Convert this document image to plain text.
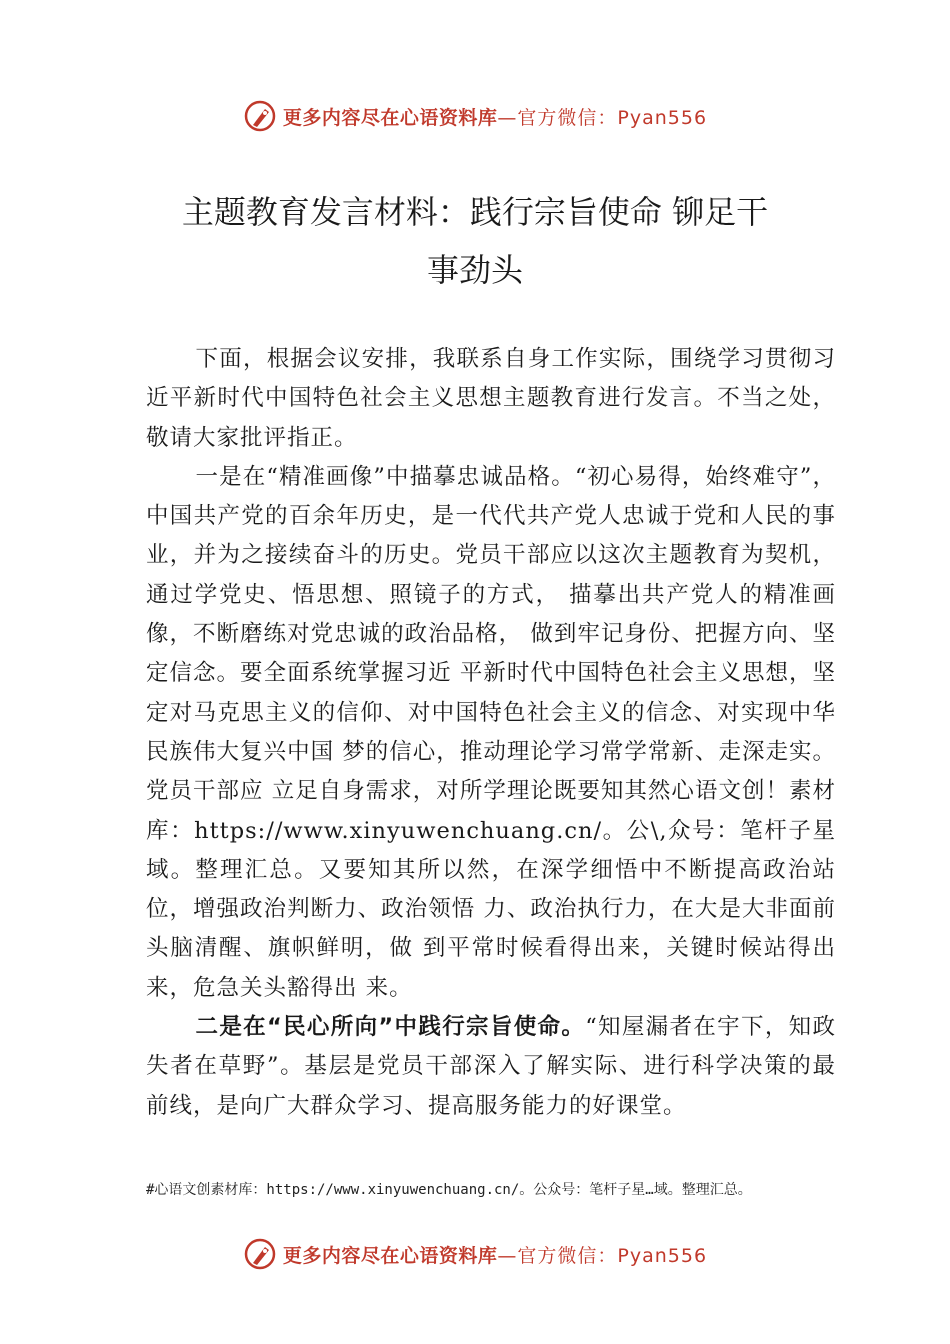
更多内容尽在心语资料库 —官方微信：Pyan556
主题教育发言材料：践行宗旨使命 铆足干
事劲头

下面，根据会议安排，我联系自身工作实际，围绕学习贯彻习近平新时代中国特色社会主义思想主题教育进行发言。不当之处，敬请大家批评指正。

一是在“精准画像”中描摹忠诚品格。“初心易得，始终难守”，中国共产党的百余年历史，是一代代共产党人忠诚于党和人民的事业，并为之接续奋斗的历史。党员干部应以这次主题教育为契机，通过学党史、悟思想、照镜子的方式， 描摹出共产党人的精准画像，不断磨练对党忠诚的政治品格， 做到牢记身份、把握方向、坚定信念。要全面系统掌握习近 平新时代中国特色社会主义思想，坚定对马克思主义的信仰、对中国特色社会主义的信念、对实现中华民族伟大复兴中国 梦的信心，推动理论学习常学常新、走深走实。党员干部应 立足自身需求，对所学理论既要知其然心语文创！素材库：https://www.xinyuwenchuang.cn/。公\,众号：笔杆子星域。整理汇总。又要知其所以然，在深学细悟中不断提高政治站位，增强政治判断力、政治领悟 力、政治执行力，在大是大非面前头脑清醒、旗帜鲜明，做 到平常时候看得出来，关键时候站得出来，危急关头豁得出 来。

二是在“民心所向”中践行宗旨使命。“知屋漏者在宇下，知政失者在草野”。基层是党员干部深入了解实际、进行科学决策的最前线，是向广大群众学习、提高服务能力的好课堂。

#心语文创素材库：https://www.xinyuwenchuang.cn/。公众号：笔杆子星…域。整理汇总。
更多内容尽在心语资料库 —官方微信：Pyan556
